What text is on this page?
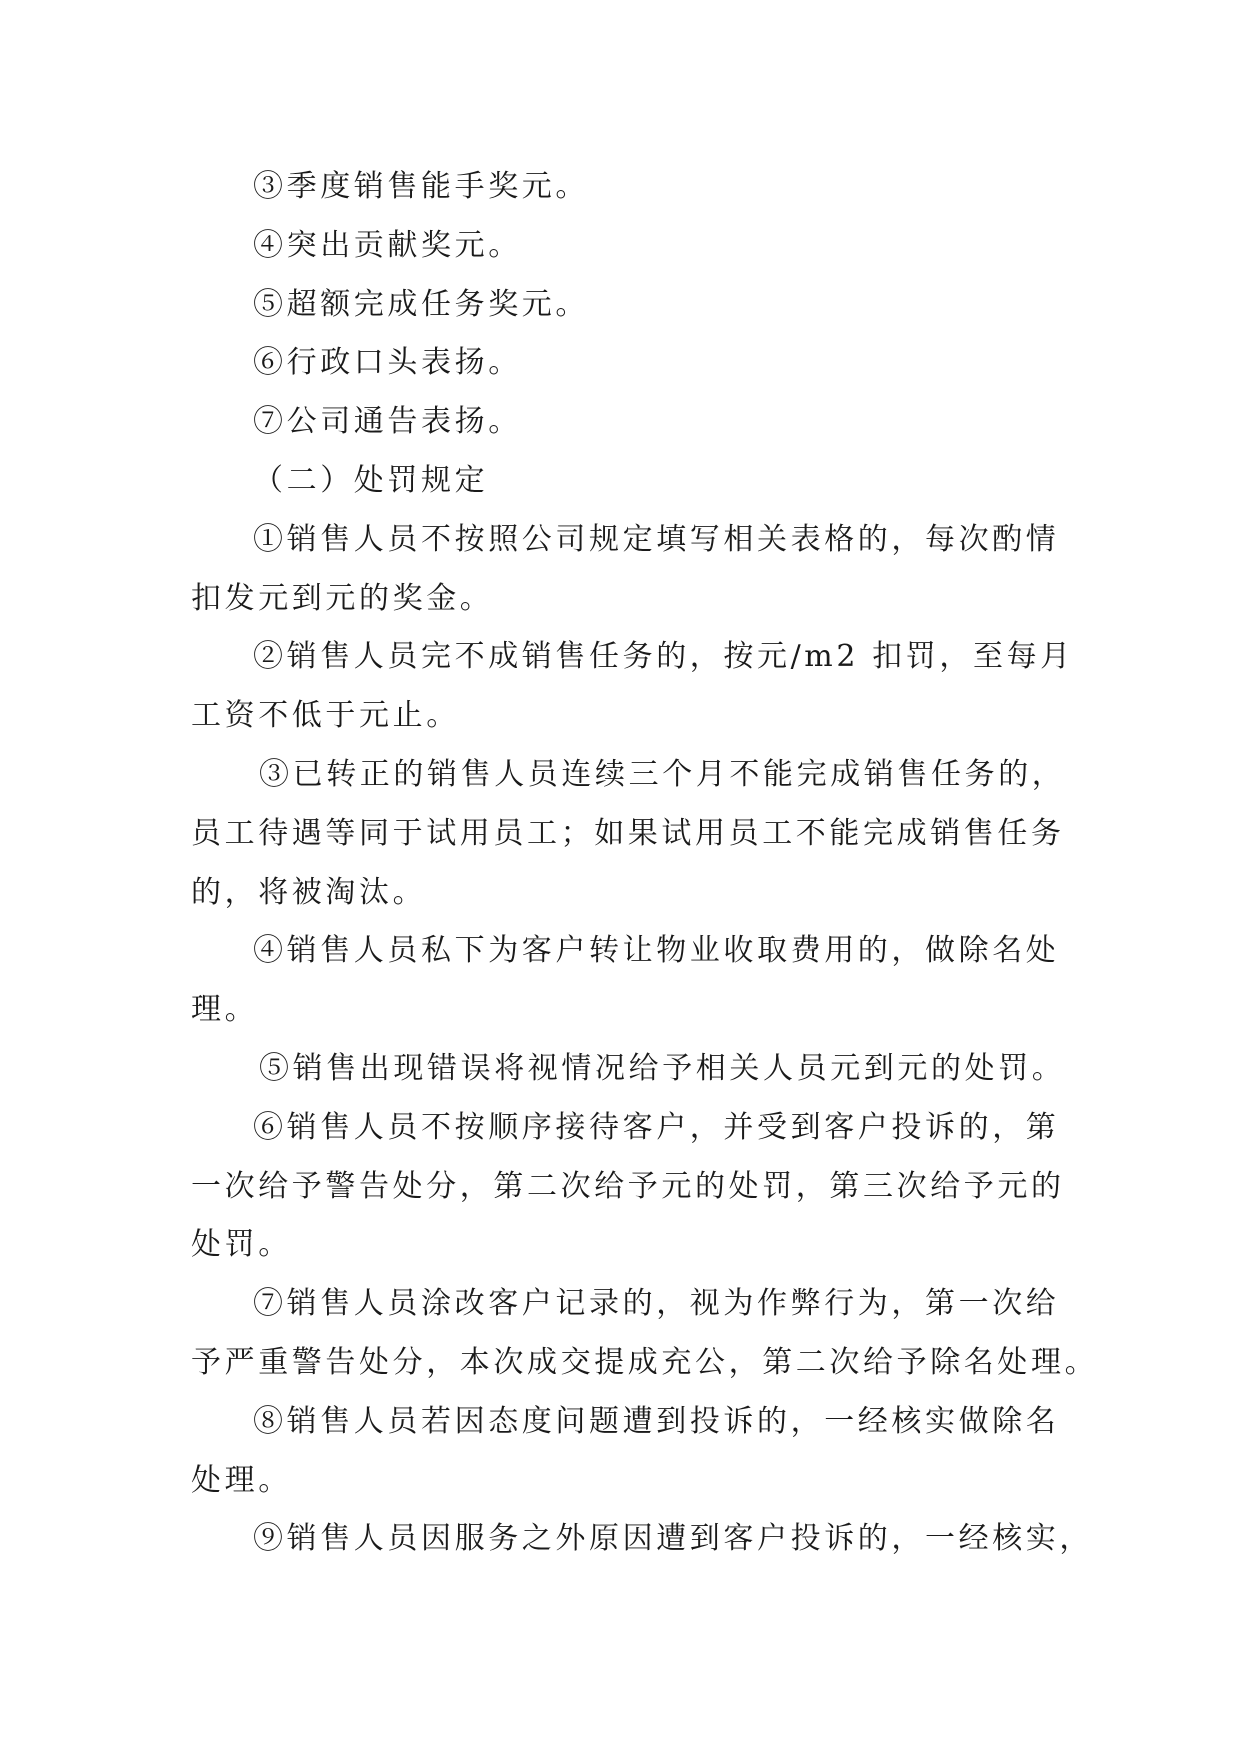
③季度销售能手奖元。
④突出贡献奖元。
⑤超额完成任务奖元。
⑥行政口头表扬。
⑦公司通告表扬。
（二）处罚规定
①销售人员不按照公司规定填写相关表格的，每次酌情
扣发元到元的奖金。
②销售人员完不成销售任务的，按元/m2 扣罚，至每月
工资不低于元止。
③已转正的销售人员连续三个月不能完成销售任务的，
员工待遇等同于试用员工；如果试用员工不能完成销售任务
的，将被淘汰。
④销售人员私下为客户转让物业收取费用的，做除名处
理。
⑤销售出现错误将视情况给予相关人员元到元的处罚。
⑥销售人员不按顺序接待客户，并受到客户投诉的，第
一次给予警告处分，第二次给予元的处罚，第三次给予元的
处罚。
⑦销售人员涂改客户记录的，视为作弊行为，第一次给
予严重警告处分，本次成交提成充公，第二次给予除名处理。
⑧销售人员若因态度问题遭到投诉的，一经核实做除名
处理。
⑨销售人员因服务之外原因遭到客户投诉的，一经核实，
